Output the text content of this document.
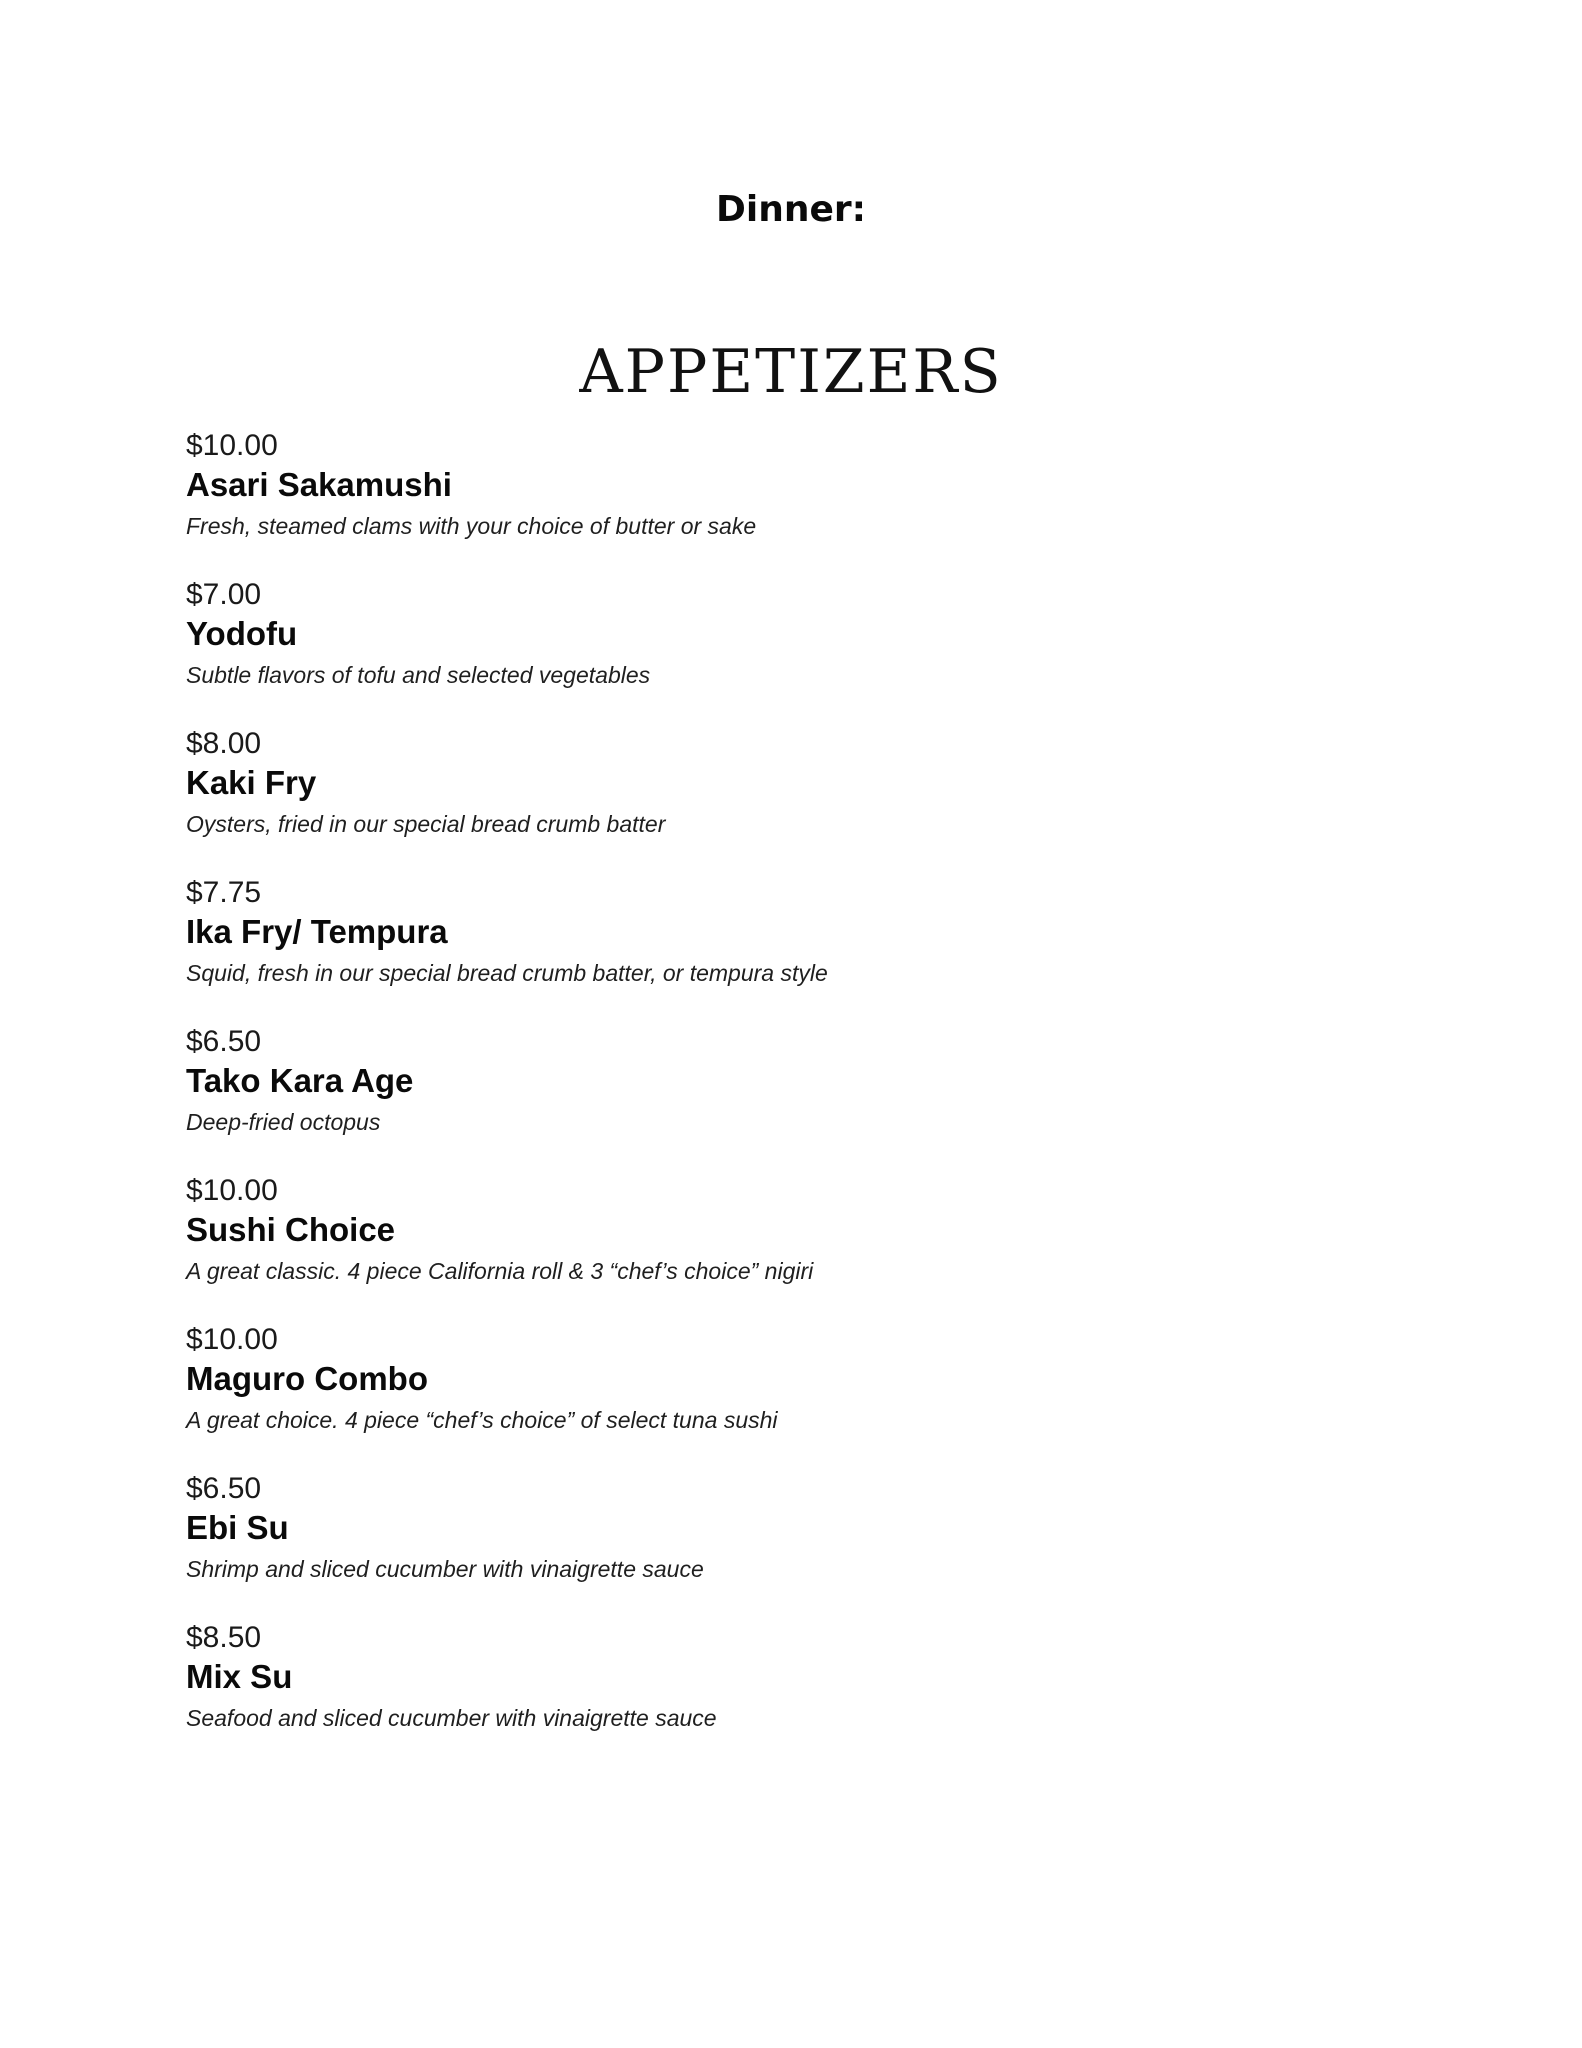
Dinner:
APPETIZERS
$10.00
Asari Sakamushi
Fresh, steamed clams with your choice of butter or sake
$7.00
Yodofu
Subtle flavors of tofu and selected vegetables
$8.00
Kaki Fry
Oysters, fried in our special bread crumb batter
$7.75
Ika Fry/ Tempura
Squid, fresh in our special bread crumb batter, or tempura style
$6.50
Tako Kara Age
Deep-fried octopus
$10.00
Sushi Choice
A great classic. 4 piece California roll & 3 “chef’s choice” nigiri
$10.00
Maguro Combo
A great choice. 4 piece “chef’s choice” of select tuna sushi
$6.50
Ebi Su
Shrimp and sliced cucumber with vinaigrette sauce
$8.50
Mix Su
Seafood and sliced cucumber with vinaigrette sauce
